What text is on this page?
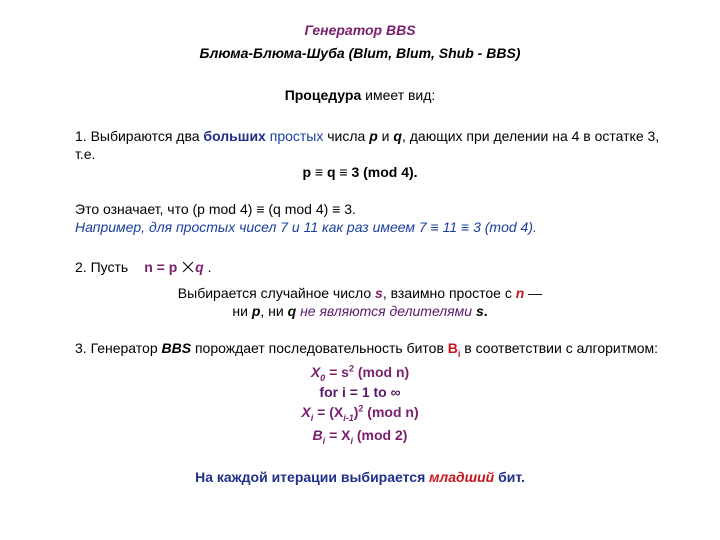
Генератор BBS
Блюма-Блюма-Шуба (Blum, Blum, Shub - BBS)
Процедура имеет вид:
1. Выбираются два больших простых числа p и q, дающих при делении на 4 в остатке 3,
т.е.
p ≡ q ≡ 3 (mod 4).
Это означает, что (p mod 4) ≡ (q mod 4) ≡ 3.
Например, для простых чисел 7 и 11 как раз имеем 7 ≡ 11 ≡ 3 (mod 4).
2. Пусть n = p q .
Выбирается случайное число s, взаимно простое с n —
ни p, ни q не являются делителями s.
3. Генератор BBS порождает последовательность битов $B_i$ в соответствии с алгоритмом:
$X_0 = s^2$ (mod n)
for i = 1 to ∞
$X_i = (X_{i-1})^2$ (mod n)
$B_i = X_i$ (mod 2)
На каждой итерации выбирается младший бит.
